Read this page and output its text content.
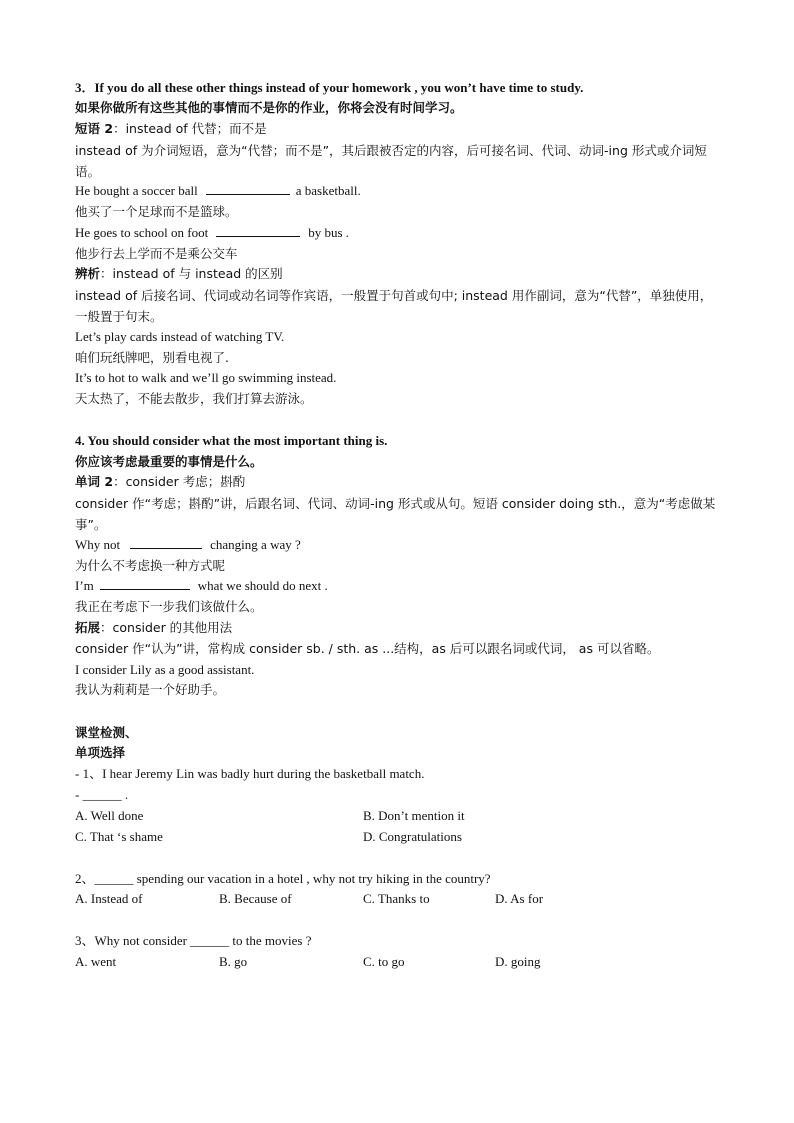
3．If you do all these other things instead of your homework , you won’t have time to study.
如果你做所有这些其他的事情而不是你的作业，你将会没有时间学习。
短语 2：instead of 代替；而不是
instead of 为介词短语，意为“代替；而不是”，其后跟被否定的内容，后可接名词、代词、动词-ing 形式或介词短语。
He bought a soccer ball	a basketball.
他买了一个足球而不是篮球。
He goes to school on foot	by bus .
他步行去上学而不是乘公交车
辨析：instead of 与 instead 的区别
instead of 后接名词、代词或动名词等作宾语，一般置于句首或句中; instead 用作副词，意为“代替”，单独使用，一般置于句末。
Let’s play cards instead of watching TV.
咱们玩纸牌吧，别看电视了.
It’s to hot to walk and we’ll go swimming instead.
天太热了，不能去散步，我们打算去游泳。
4. You should consider what the most important thing is.
你应该考虑最重要的事情是什么。
单词 2：consider 考虑；斟酌
consider 作“考虑；斟酌”讲，后跟名词、代词、动词-ing 形式或从句。短语 consider doing sth.，意为“考虑做某事”。
Why not	changing a way ?
为什么不考虑换一种方式呢
I’m	what we should do next .
我正在考虑下一步我们该做什么。
拓展：consider 的其他用法
consider 作“认为”讲，常构成 consider sb. / sth. as ...结构，as 后可以跟名词或代词， as 可以省略。
I consider Lily as a good assistant.
我认为莉莉是一个好助手。
课堂检测、
单项选择
- 1、I hear Jeremy Lin was badly hurt during the basketball match.
- ______ .
A. Well done	B. Don’t mention it
C. That ‘s shame	D. Congratulations
2、______ spending our vacation in a hotel , why not try hiking in the country?
A. Instead of	B. Because of	C. Thanks to	D. As for
3、Why not consider ______ to the movies ?
A. went	B. go	C. to go	D. going
